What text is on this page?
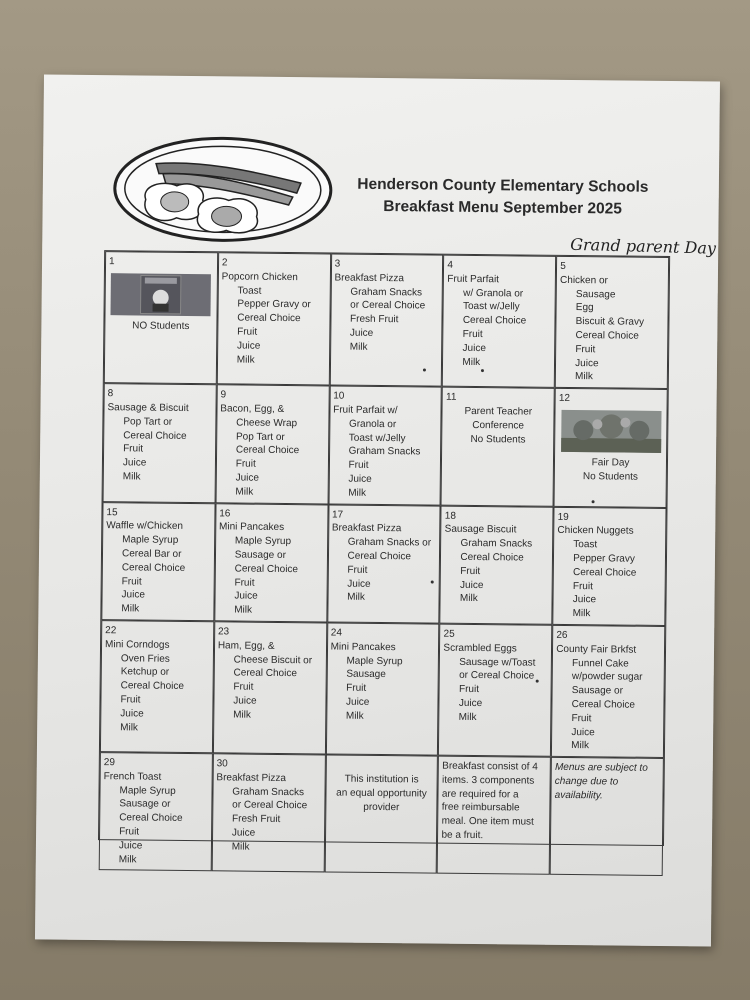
Henderson County Elementary Schools
Breakfast Menu September 2025
Grand parent Day
1
NO Students
2
Popcorn Chicken
Toast
Pepper Gravy or
Cereal Choice
Fruit
Juice
Milk
3
Breakfast Pizza
Graham Snacks
or Cereal Choice
Fresh Fruit
Juice
Milk
4
Fruit Parfait
w/ Granola or
Toast w/Jelly
Cereal Choice
Fruit
Juice
Milk
5
Chicken or
Sausage
Egg
Biscuit & Gravy
Cereal Choice
Fruit
Juice
Milk
8
Sausage & Biscuit
Pop Tart or
Cereal Choice
Fruit
Juice
Milk
9
Bacon, Egg, &
Cheese Wrap
Pop Tart or
Cereal Choice
Fruit
Juice
Milk
10
Fruit Parfait w/
Granola or
Toast w/Jelly
Graham Snacks
Fruit
Juice
Milk
11
Parent Teacher
Conference
No Students
12
Fair Day
No Students
15
Waffle w/Chicken
Maple Syrup
Cereal Bar or
Cereal Choice
Fruit
Juice
Milk
16
Mini Pancakes
Maple Syrup
Sausage or
Cereal Choice
Fruit
Juice
Milk
17
Breakfast Pizza
Graham Snacks or
Cereal Choice
Fruit
Juice
Milk
18
Sausage Biscuit
Graham Snacks
Cereal Choice
Fruit
Juice
Milk
19
Chicken Nuggets
Toast
Pepper Gravy
Cereal Choice
Fruit
Juice
Milk
22
Mini Corndogs
Oven Fries
Ketchup or
Cereal Choice
Fruit
Juice
Milk
23
Ham, Egg, &
Cheese Biscuit or
Cereal Choice
Fruit
Juice
Milk
24
Mini Pancakes
Maple Syrup
Sausage
Fruit
Juice
Milk
25
Scrambled Eggs
Sausage w/Toast
or Cereal Choice
Fruit
Juice
Milk
26
County Fair Brkfst
Funnel Cake
w/powder sugar
Sausage or
Cereal Choice
Fruit
Juice
Milk
29
French Toast
Maple Syrup
Sausage or
Cereal Choice
Fruit
Juice
Milk
30
Breakfast Pizza
Graham Snacks
or Cereal Choice
Fresh Fruit
Juice
Milk
This institution is
an equal opportunity
provider
Breakfast consist of 4
items. 3 components
are required for a
free reimbursable
meal. One item must
be a fruit.
Menus are subject to
change due to
availability.
